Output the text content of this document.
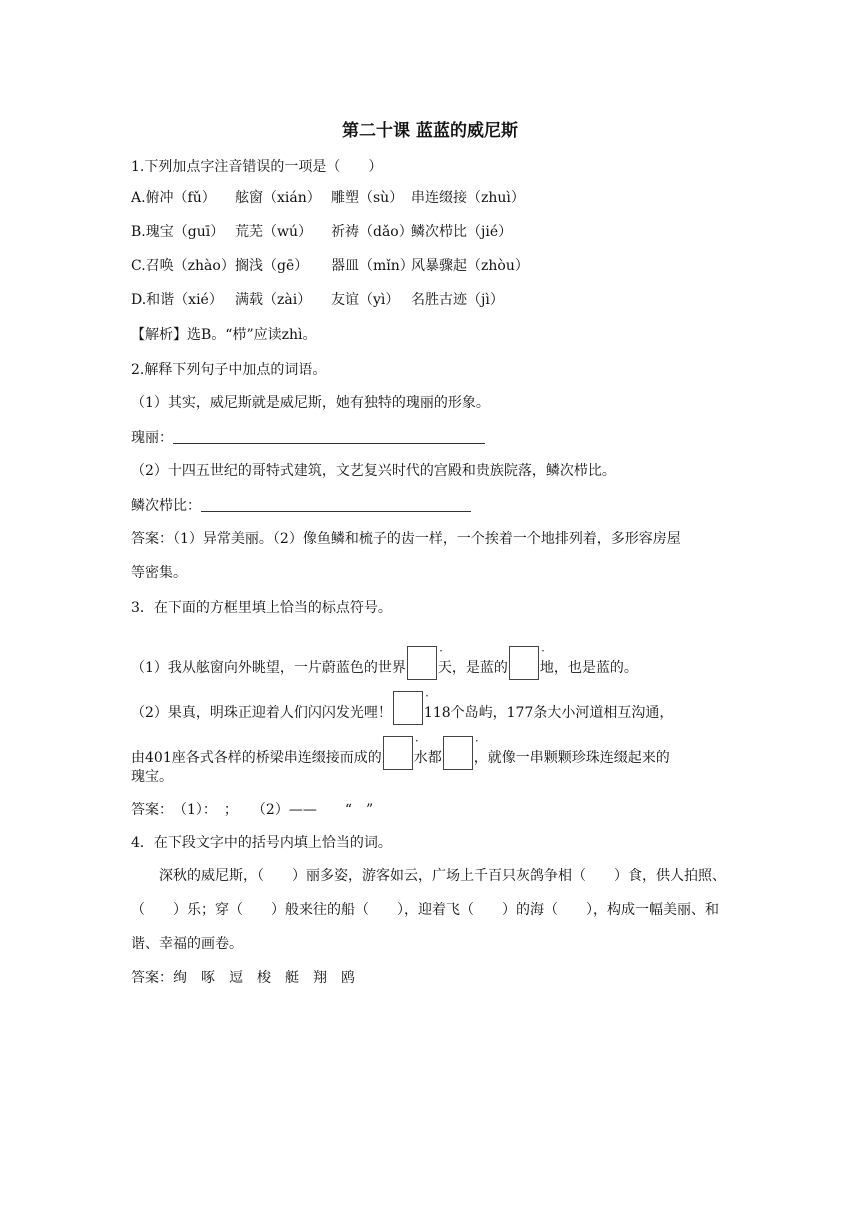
第二十课 蓝蓝的威尼斯
1.下列加点字注音错误的一项是（　　）
A.俯冲（fǔ） 舷窗（xián） 雕塑（sù） 串连缀接（zhuì）
B.瑰宝（guī） 荒芜（wú） 祈祷（dǎo）鳞次栉比（jié）
C.召唤（zhào）搁浅（gē） 器皿（mǐn）风暴骤起（zhòu）
D.和谐（xié） 满载（zài） 友谊（yì） 名胜古迹（jì）
【解析】选B。“栉”应读zhì。
2.解释下列句子中加点的词语。
（1）其实，威尼斯就是威尼斯，她有独特的瑰丽的形象。
瑰丽：
（2）十四五世纪的哥特式建筑，文艺复兴时代的宫殿和贵族院落，鳞次栉比。
鳞次栉比：
答案：（1）异常美丽。（2）像鱼鳞和梳子的齿一样，一个挨着一个地排列着，多形容房屋
等密集。
3．在下面的方框里填上恰当的标点符号。
（1）我从舷窗向外眺望，一片蔚蓝色的世界 · 天，是蓝的 · 地，也是蓝的。
（2）果真，明珠正迎着人们闪闪发光哩！ · 118个岛屿，177条大小河道相互沟通，
由401座各式各样的桥梁串连缀接而成的 · 水都 · ，就像一串颗颗珍珠连缀起来的
瑰宝。
答案：　（1）：　；　　（2）——　　“　”
4．在下段文字中的括号内填上恰当的词。
深秋的威尼斯，（　　）丽多姿，游客如云，广场上千百只灰鸽争相（　　）食，供人拍照、（　　）乐；穿（　　）般来往的船（　　），迎着飞（　　）的海（　　），构成一幅美丽、和谐、幸福的画卷。
答案：绚　啄　逗　梭　艇　翔　鸥
